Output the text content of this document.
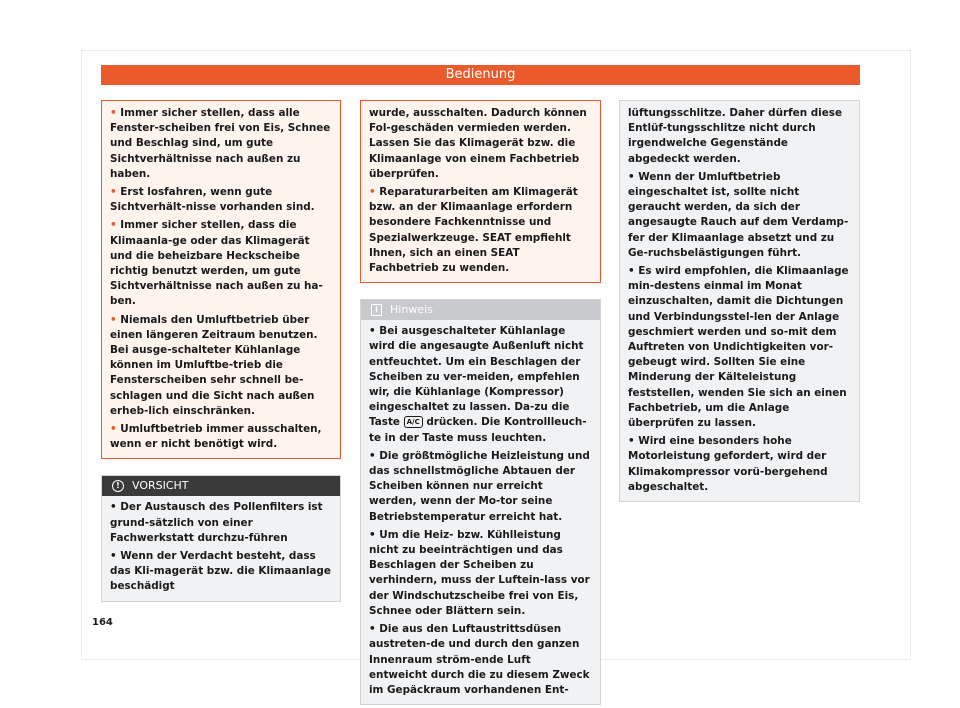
Bedienung

• Immer sicher stellen, dass alle Fenster-scheiben frei von Eis, Schnee und Beschlag sind, um gute Sichtverhältnisse nach außen zu haben.

• Erst losfahren, wenn gute Sichtverhält-nisse vorhanden sind.

• Immer sicher stellen, dass die Klimaanla-ge oder das Klimagerät und die beheizbare Heckscheibe richtig benutzt werden, um gute Sichtverhältnisse nach außen zu ha-ben.

• Niemals den Umluftbetrieb über einen längeren Zeitraum benutzen. Bei ausge-schalteter Kühlanlage können im Umluftbe-trieb die Fensterscheiben sehr schnell be-schlagen und die Sicht nach außen erheb-lich einschränken.

• Umluftbetrieb immer ausschalten, wenn er nicht benötigt wird.

!	VORSICHT

• Der Austausch des Pollenfilters ist grund-sätzlich von einer Fachwerkstatt durchzu-führen

• Wenn der Verdacht besteht, dass das Kli-magerät bzw. die Klimaanlage beschädigt

wurde, ausschalten. Dadurch können Fol-geschäden vermieden werden. Lassen Sie das Klimagerät bzw. die Klimaanlage von einem Fachbetrieb überprüfen.

• Reparaturarbeiten am Klimagerät bzw. an der Klimaanlage erfordern besondere Fachkenntnisse und Spezialwerkzeuge. SEAT empfiehlt Ihnen, sich an einen SEAT Fachbetrieb zu wenden.

i	Hinweis

• Bei ausgeschalteter Kühlanlage wird die angesaugte Außenluft nicht entfeuchtet. Um ein Beschlagen der Scheiben zu ver-meiden, empfehlen wir, die Kühlanlage (Kompressor) eingeschaltet zu lassen. Da-zu die Taste A/C drücken. Die Kontrollleuch-te in der Taste muss leuchten.

• Die größtmögliche Heizleistung und das schnellstmögliche Abtauen der Scheiben können nur erreicht werden, wenn der Mo-tor seine Betriebstemperatur erreicht hat.

• Um die Heiz- bzw. Kühlleistung nicht zu beeinträchtigen und das Beschlagen der Scheiben zu verhindern, muss der Luftein-lass vor der Windschutzscheibe frei von Eis, Schnee oder Blättern sein.

• Die aus den Luftaustrittsdüsen austreten-de und durch den ganzen Innenraum ström-ende Luft entweicht durch die zu diesem Zweck im Gepäckraum vorhandenen Ent-

lüftungsschlitze. Daher dürfen diese Entlüf-tungsschlitze nicht durch irgendwelche Gegenstände abgedeckt werden.

• Wenn der Umluftbetrieb eingeschaltet ist, sollte nicht geraucht werden, da sich der angesaugte Rauch auf dem Verdamp-fer der Klimaanlage absetzt und zu Ge-ruchsbelästigungen führt.

• Es wird empfohlen, die Klimaanlage min-destens einmal im Monat einzuschalten, damit die Dichtungen und Verbindungsstel-len der Anlage geschmiert werden und so-mit dem Auftreten von Undichtigkeiten vor-gebeugt wird. Sollten Sie eine Minderung der Kälteleistung feststellen, wenden Sie sich an einen Fachbetrieb, um die Anlage überprüfen zu lassen.

• Wird eine besonders hohe Motorleistung gefordert, wird der Klimakompressor vorü-bergehend abgeschaltet.

164
